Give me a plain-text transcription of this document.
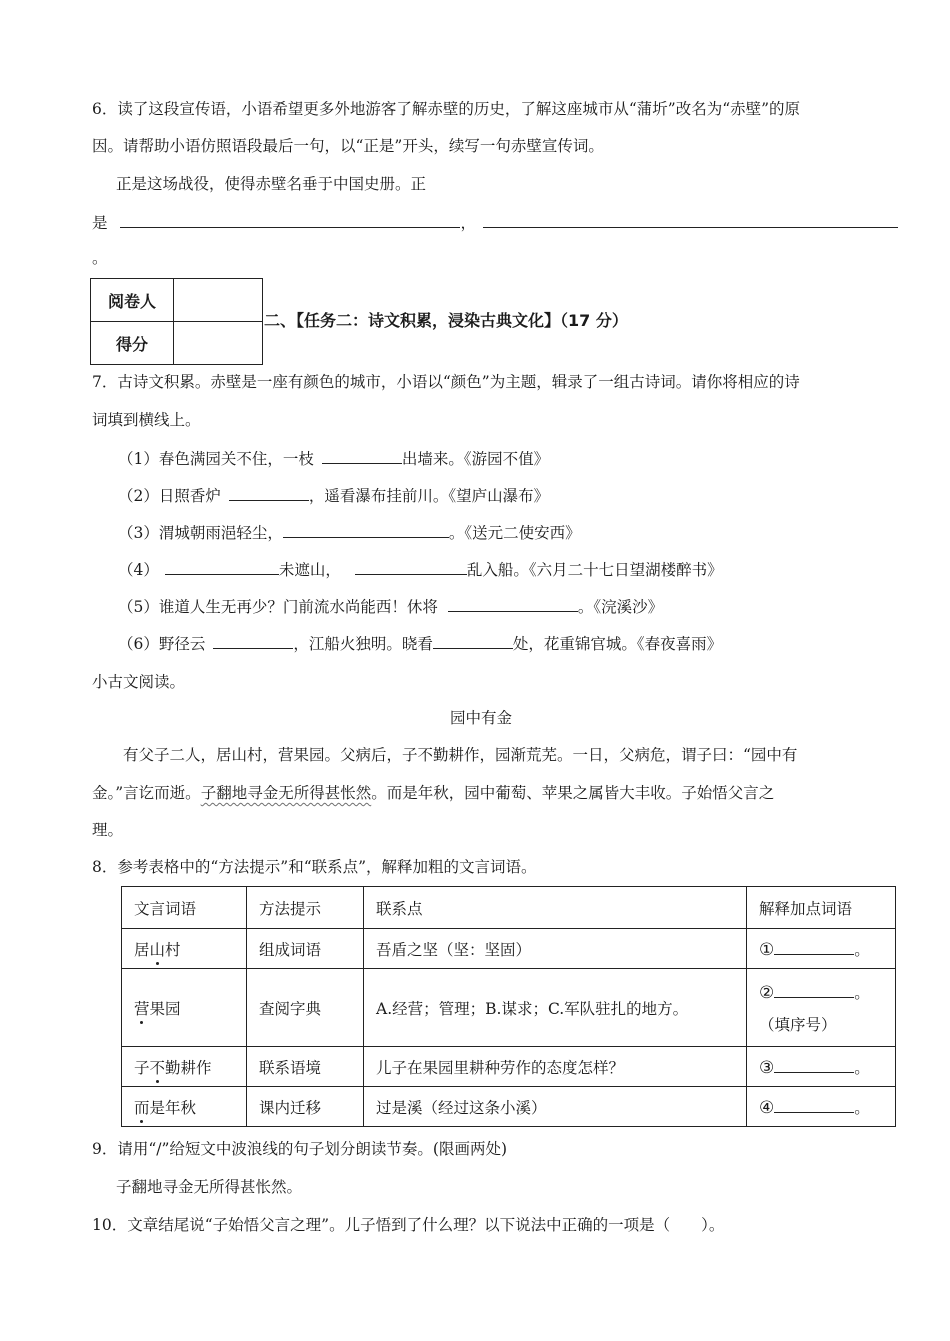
6．读了这段宣传语，小语希望更多外地游客了解赤壁的历史，了解这座城市从“蒲圻”改名为“赤壁”的原
因。请帮助小语仿照语段最后一句，以“正是”开头，续写一句赤壁宣传词。
正是这场战役，使得赤壁名垂于中国史册。正
是	，
。
阅卷人	
得分	
二、【任务二：诗文积累，浸染古典文化】（17 分）
7．古诗文积累。赤壁是一座有颜色的城市，小语以“颜色”为主题，辑录了一组古诗词。请你将相应的诗
词填到横线上。
（1）春色满园关不住，一枝	出墙来。《游园不值》
（2）日照香炉	，遥看瀑布挂前川。《望庐山瀑布》
（3）渭城朝雨浥轻尘，	。《送元二使安西》
（4）	未遮山，	乱入船。《六月二十七日望湖楼醉书》
（5）谁道人生无再少？门前流水尚能西！休将	。《浣溪沙》
（6）野径云	，江船火独明。晓看	处，花重锦官城。《春夜喜雨》
小古文阅读。
园中有金
有父子二人，居山村，营果园。父病后，子不勤耕作，园渐荒芜。一日，父病危，谓子曰：“园中有
金。”言讫而逝。子翻地寻金无所得甚怅然。而是年秋，园中葡萄、苹果之属皆大丰收。子始悟父言之
理。
8．参考表格中的“方法提示”和“联系点”，解释加粗的文言词语。
文言词语	方法提示	联系点	解释加点词语
居山村	组成词语	吾盾之坚（坚：坚固）	① 。
营果园	查阅字典	A.经营；管理；B.谋求；C.军队驻扎的地方。	② 。
（填序号）

子不勤耕作	联系语境	儿子在果园里耕种劳作的态度怎样？	③ 。
而是年秋	课内迁移	过是溪（经过这条小溪）	④ 。
9．请用“/”给短文中波浪线的句子划分朗读节奏。(限画两处)
子翻地寻金无所得甚怅然。
10．文章结尾说“子始悟父言之理”。儿子悟到了什么理？以下说法中正确的一项是（　　）。
